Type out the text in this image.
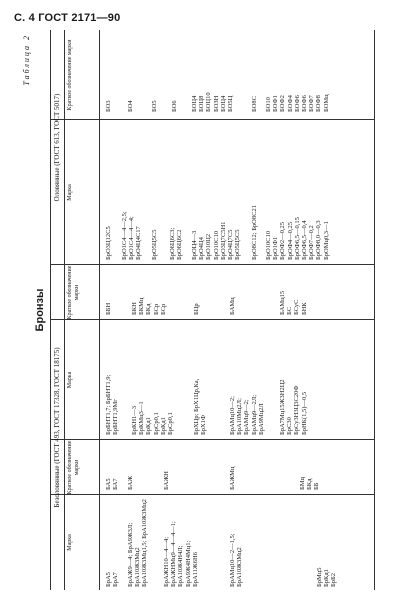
С. 4 ГОСТ 2171—90
Таблица 2
Бронзы
Безоловянные (ГОСТ 493, ГОСТ 17328, ГОСТ 18175)
Оловянные (ГОСТ 613, ГОСТ 5017)
Марка
Краткое обозначение марки
Марка
Краткое обозначение марки
Марка
Краткое обозначение марки
БрА5 БрА7
БА5 БА7
БрАЖ9—4; БрА9Ж3Л; БрА10Ж3Мц2 БрА10Ж3Мц1,5; БрА10Ж3Мц2
БАЖ
БрАЖН10—4—4; БрАЖНМц9—4—4—1; БрА10Ж4Н4Л; БрА9Ж4Н4Мц1; БрА11Ж6Н6
БАЖН
БрАМц10—2—1,5; БрА10Ж3Мц2
БАЖМц
БрМц5 БрКд1 БрБ2
БМц БКд ББ
БрБНТ1,7; БрБНТ1,9; БрБНТ1,9Мг
ББН
БрКН1—3 БрКМц3—1 БрКд1 БрСр0,1 БрКд1 БрСр0,1
БКН БКМц БКд БСр БСр
БрХЦр; БрХ1Цр,Ка, БрХ1Ф
БЦр
БрАМц10—2; БрА10Мц2Л; БрАМц9—2; БрАМц9—2Л; БрА9Мц2Л
БАМц
БрА7Мц15Ж3Н2Ц2 БрС30 БрСу3Н3Ц3С20Ф БрНК(1,5)—0,5
БАМц15 БС БСуС БНК
БрО3Ц12С5
БО3
БрО1С4—4—2,5; БрО1С4—4—4; БрО4Ц4С17
БО4
БрО5Ц5С5
БО5
БрО6Ц6С3; БрО6Ц6С2
БО6
БрОЦ4—3 БрО4Ц4 БрО10Ц2 БрО10С10 БрО3Ц7С5Н1 БрО4Ц7С5 БрО5Ц5С5
БОЦ4 БОЦ8 БОЦ10 БОЗН БОЦ4 БО5Ц
БрО8С12; БрО8С21
БО8С
БрО10С10 БрО1Ф1 БрОФ2—0,25 БрОФ4—0,25 БрОФ6,5—0,15 БрОФ6,5—0,4 БрОФ7—0,2 БрОФ8,0—0,3 БрОМц0,3—1
БО10 БОФ1 БОФ2 БОФ4 БОФ6 БОФ6 БОФ7 БОФ8 БОМц
